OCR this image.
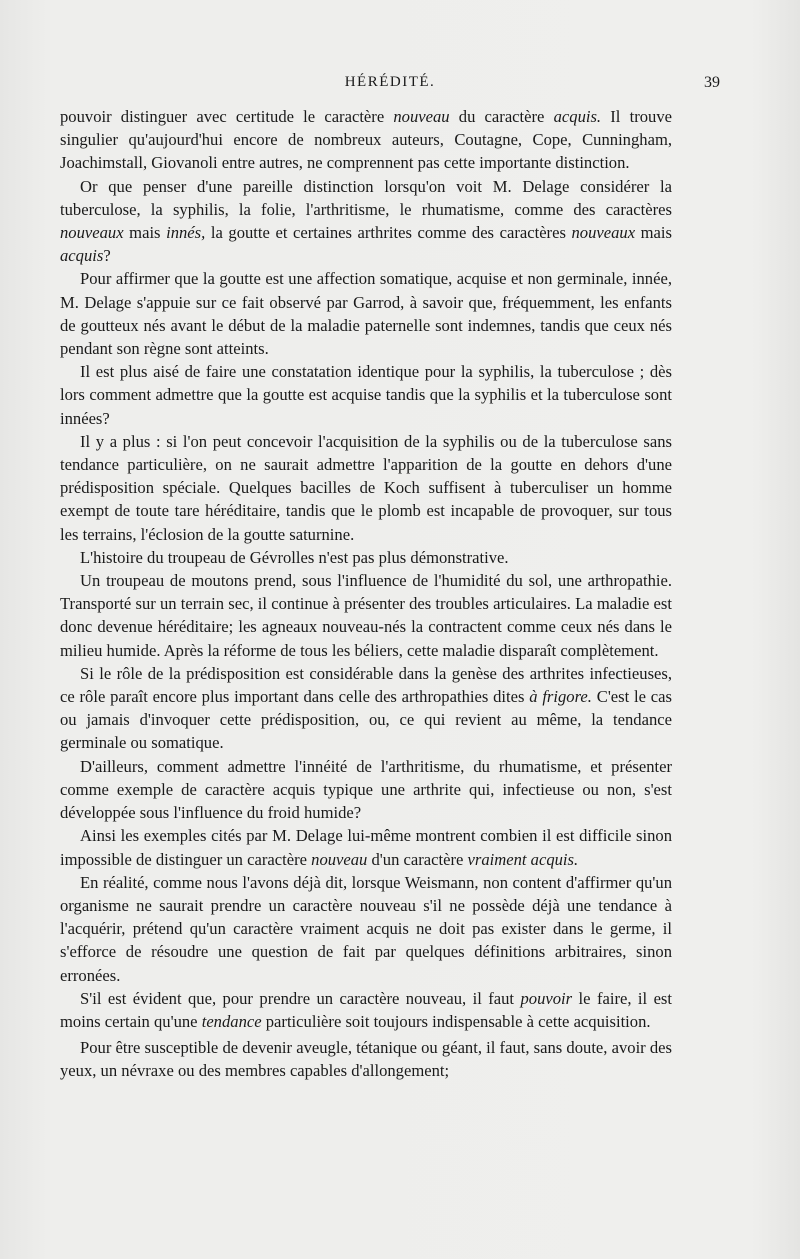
HÉRÉDITÉ.	39

pouvoir distinguer avec certitude le caractère nouveau du caractère acquis. Il trouve singulier qu'aujourd'hui encore de nombreux auteurs, Coutagne, Cope, Cunningham, Joachimstall, Giovanoli entre autres, ne comprennent pas cette importante distinction.

Or que penser d'une pareille distinction lorsqu'on voit M. Delage considérer la tuberculose, la syphilis, la folie, l'arthritisme, le rhumatisme, comme des caractères nouveaux mais innés, la goutte et certaines arthrites comme des caractères nouveaux mais acquis?

Pour affirmer que la goutte est une affection somatique, acquise et non germinale, innée, M. Delage s'appuie sur ce fait observé par Garrod, à savoir que, fréquemment, les enfants de goutteux nés avant le début de la maladie paternelle sont indemnes, tandis que ceux nés pendant son règne sont atteints.

Il est plus aisé de faire une constatation identique pour la syphilis, la tuberculose ; dès lors comment admettre que la goutte est acquise tandis que la syphilis et la tuberculose sont innées?

Il y a plus : si l'on peut concevoir l'acquisition de la syphilis ou de la tuberculose sans tendance particulière, on ne saurait admettre l'apparition de la goutte en dehors d'une prédisposition spéciale. Quelques bacilles de Koch suffisent à tuberculiser un homme exempt de toute tare héréditaire, tandis que le plomb est incapable de provoquer, sur tous les terrains, l'éclosion de la goutte saturnine.

L'histoire du troupeau de Gévrolles n'est pas plus démonstrative.

Un troupeau de moutons prend, sous l'influence de l'humidité du sol, une arthropathie. Transporté sur un terrain sec, il continue à présenter des troubles articulaires. La maladie est donc devenue héréditaire; les agneaux nouveau-nés la contractent comme ceux nés dans le milieu humide. Après la réforme de tous les béliers, cette maladie disparaît complètement.

Si le rôle de la prédisposition est considérable dans la genèse des arthrites infectieuses, ce rôle paraît encore plus important dans celle des arthropathies dites à frigore. C'est le cas ou jamais d'invoquer cette prédisposition, ou, ce qui revient au même, la tendance germinale ou somatique.

D'ailleurs, comment admettre l'innéité de l'arthritisme, du rhumatisme, et présenter comme exemple de caractère acquis typique une arthrite qui, infectieuse ou non, s'est développée sous l'influence du froid humide?

Ainsi les exemples cités par M. Delage lui-même montrent combien il est difficile sinon impossible de distinguer un caractère nouveau d'un caractère vraiment acquis.

En réalité, comme nous l'avons déjà dit, lorsque Weismann, non content d'affirmer qu'un organisme ne saurait prendre un caractère nouveau s'il ne possède déjà une tendance à l'acquérir, prétend qu'un caractère vraiment acquis ne doit pas exister dans le germe, il s'efforce de résoudre une question de fait par quelques définitions arbitraires, sinon erronées.

S'il est évident que, pour prendre un caractère nouveau, il faut pouvoir le faire, il est moins certain qu'une tendance particulière soit toujours indispensable à cette acquisition.

Pour être susceptible de devenir aveugle, tétanique ou géant, il faut, sans doute, avoir des yeux, un névraxe ou des membres capables d'allongement;
